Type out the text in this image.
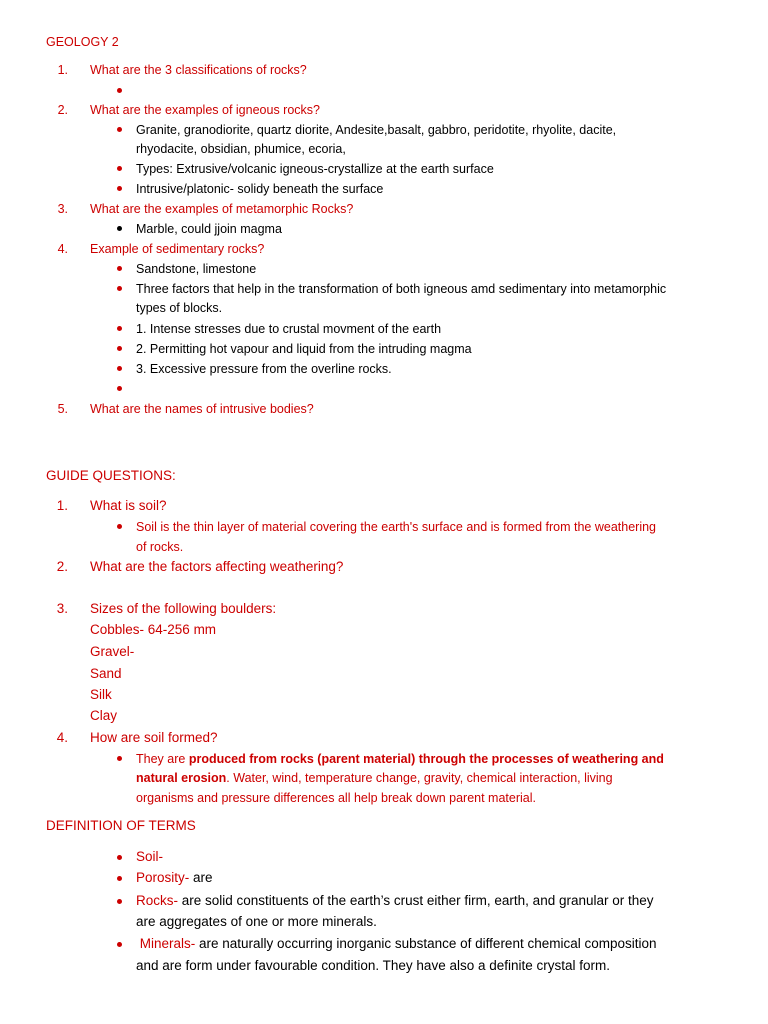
GEOLOGY 2
1. What are the 3 classifications of rocks?
2. What are the examples of igneous rocks?
Granite, granodiorite, quartz diorite, Andesite,basalt, gabbro, peridotite, rhyolite, dacite,
rhyodacite, obsidian, phumice, ecoria,
Types: Extrusive/volcanic igneous-crystallize at the earth surface
Intrusive/platonic- solidy beneath the surface
3. What are the examples of metamorphic Rocks?
Marble, could jjoin magma
4. Example of sedimentary rocks?
Sandstone, limestone
Three factors that help in the transformation of both igneous amd sedimentary into metamorphic
types of blocks.
1. Intense stresses due to crustal movment of the earth
2. Permitting hot vapour and liquid from the intruding magma
3. Excessive pressure from the overline rocks.
5. What are the names of intrusive bodies?
GUIDE QUESTIONS:
1. What is soil?
Soil is the thin layer of material covering the earth's surface and is formed from the weathering
of rocks.
2. What are the factors affecting weathering?
3. Sizes of the following boulders:
Cobbles- 64-256 mm
Gravel-
Sand
Silk
Clay
4. How are soil formed?
They are produced from rocks (parent material) through the processes of weathering and
natural erosion. Water, wind, temperature change, gravity, chemical interaction, living
organisms and pressure differences all help break down parent material.
DEFINITION OF TERMS
Soil-
Porosity- are
Rocks- are solid constituents of the earth’s crust either firm, earth, and granular or they
are aggregates of one or more minerals.
Minerals- are naturally occurring inorganic substance of different chemical composition
and are form under favourable condition. They have also a definite crystal form.
